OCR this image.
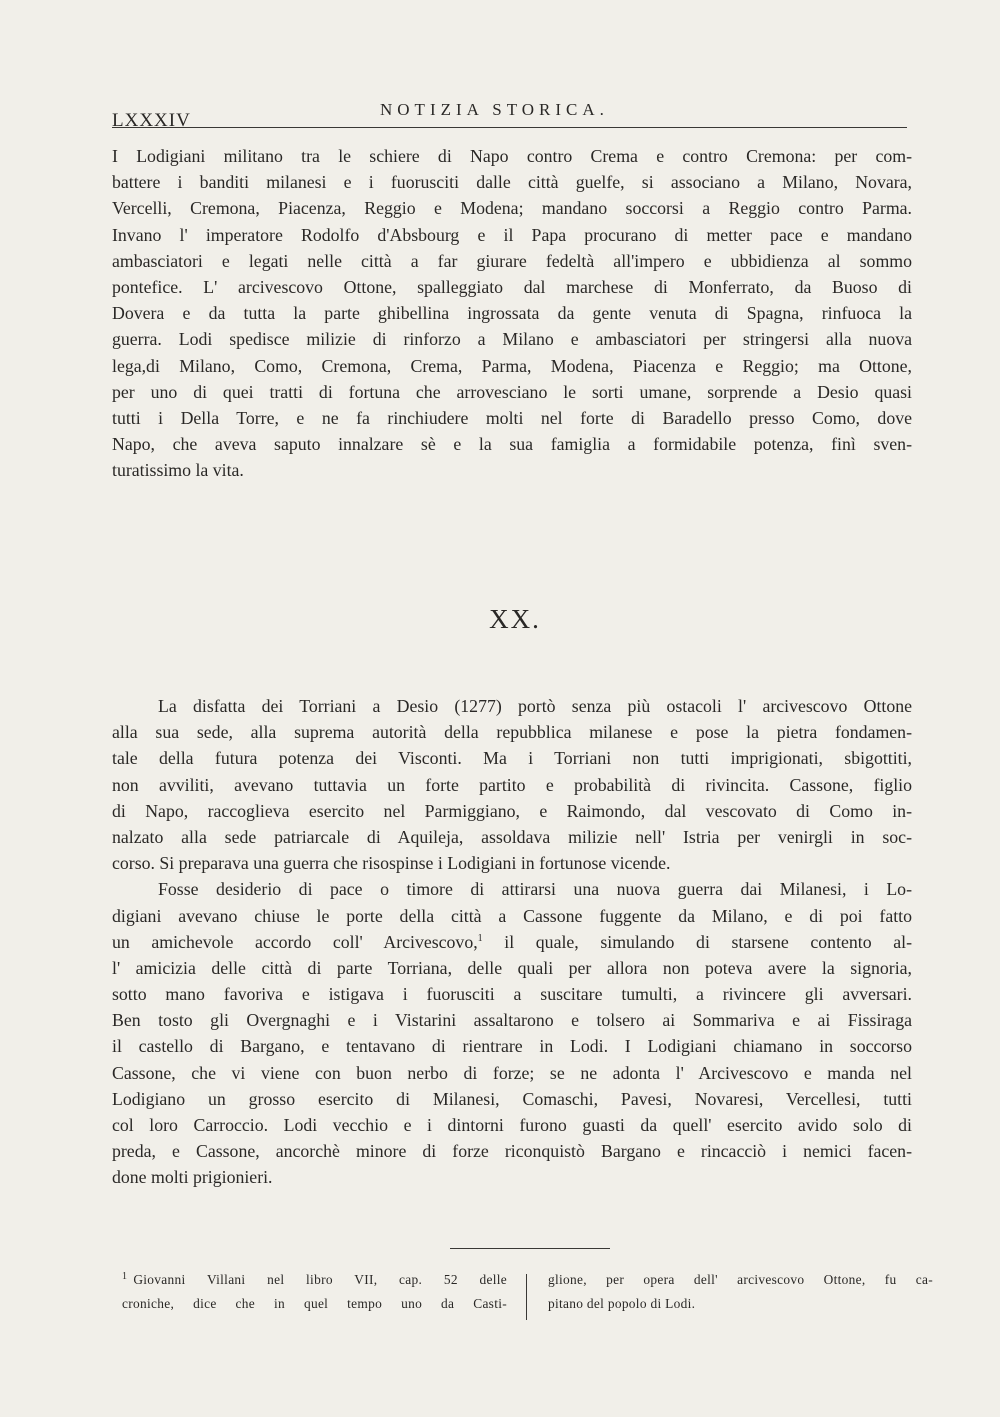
LXXXIV
NOTIZIA STORICA.
I Lodigiani militano tra le schiere di Napo contro Crema e contro Cremona: per com-
battere i banditi milanesi e i fuorusciti dalle città guelfe, si associano a Milano, Novara,
Vercelli, Cremona, Piacenza, Reggio e Modena; mandano soccorsi a Reggio contro Parma.
Invano l' imperatore Rodolfo d'Absbourg e il Papa procurano di metter pace e mandano
ambasciatori e legati nelle città a far giurare fedeltà all'impero e ubbidienza al sommo
pontefice. L' arcivescovo Ottone, spalleggiato dal marchese di Monferrato, da Buoso di
Dovera e da tutta la parte ghibellina ingrossata da gente venuta di Spagna, rinfuoca la
guerra. Lodi spedisce milizie di rinforzo a Milano e ambasciatori per stringersi alla nuova
lega,di Milano, Como, Cremona, Crema, Parma, Modena, Piacenza e Reggio; ma Ottone,
per uno di quei tratti di fortuna che arrovesciano le sorti umane, sorprende a Desio quasi
tutti i Della Torre, e ne fa rinchiudere molti nel forte di Baradello presso Como, dove
Napo, che aveva saputo innalzare sè e la sua famiglia a formidabile potenza, finì sven-
turatissimo la vita.
XX.
La disfatta dei Torriani a Desio (1277) portò senza più ostacoli l' arcivescovo Ottone
alla sua sede, alla suprema autorità della repubblica milanese e pose la pietra fondamen-
tale della futura potenza dei Visconti. Ma i Torriani non tutti imprigionati, sbigottiti,
non avviliti, avevano tuttavia un forte partito e probabilità di rivincita. Cassone, figlio
di Napo, raccoglieva esercito nel Parmiggiano, e Raimondo, dal vescovato di Como in-
nalzato alla sede patriarcale di Aquileja, assoldava milizie nell' Istria per venirgli in soc-
corso. Si preparava una guerra che risospinse i Lodigiani in fortunose vicende.
Fosse desiderio di pace o timore di attirarsi una nuova guerra dai Milanesi, i Lo-
digiani avevano chiuse le porte della città a Cassone fuggente da Milano, e di poi fatto
un amichevole accordo coll' Arcivescovo,$^1$ il quale, simulando di starsene contento al-
l' amicizia delle città di parte Torriana, delle quali per allora non poteva avere la signoria,
sotto mano favoriva e istigava i fuorusciti a suscitare tumulti, a rivincere gli avversari.
Ben tosto gli Overgnaghi e i Vistarini assaltarono e tolsero ai Sommariva e ai Fissiraga
il castello di Bargano, e tentavano di rientrare in Lodi. I Lodigiani chiamano in soccorso
Cassone, che vi viene con buon nerbo di forze; se ne adonta l' Arcivescovo e manda nel
Lodigiano un grosso esercito di Milanesi, Comaschi, Pavesi, Novaresi, Vercellesi, tutti
col loro Carroccio. Lodi vecchio e i dintorni furono guasti da quell' esercito avido solo di
preda, e Cassone, ancorchè minore di forze riconquistò Bargano e rincacciò i nemici facen-
done molti prigionieri.
$^1$ Giovanni Villani nel libro VII, cap. 52 delle
croniche, dice che in quel tempo uno da Casti-
glione, per opera dell' arcivescovo Ottone, fu ca-
pitano del popolo di Lodi.
